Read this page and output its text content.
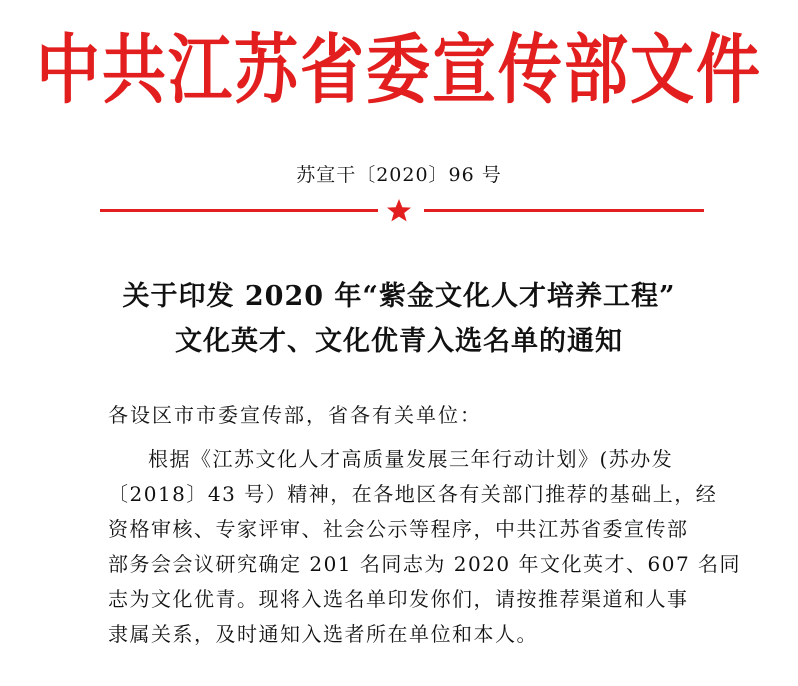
中共江苏省委宣传部文件
苏宣干〔2020〕96 号
关于印发 2020 年“紫金文化人才培养工程”
文化英才、文化优青入选名单的通知
各设区市市委宣传部，省各有关单位：
根据《江苏文化人才高质量发展三年行动计划》(苏办发
〔2018〕43 号）精神，在各地区各有关部门推荐的基础上，经
资格审核、专家评审、社会公示等程序，中共江苏省委宣传部
部务会会议研究确定 201 名同志为 2020 年文化英才、607 名同
志为文化优青。现将入选名单印发你们，请按推荐渠道和人事
隶属关系，及时通知入选者所在单位和本人。
